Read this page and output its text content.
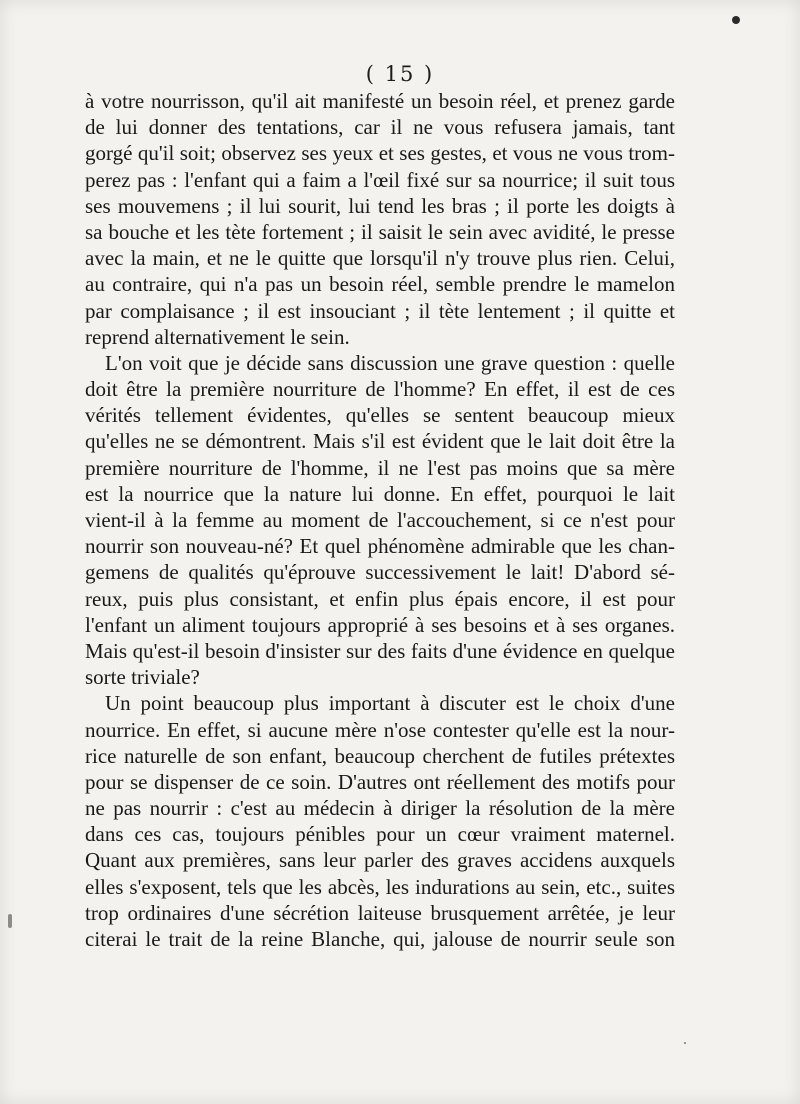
( 15 )
à votre nourrisson, qu'il ait manifesté un besoin réel, et prenez garde
de lui donner des tentations, car il ne vous refusera jamais, tant
gorgé qu'il soit; observez ses yeux et ses gestes, et vous ne vous trom-
perez pas : l'enfant qui a faim a l'œil fixé sur sa nourrice; il suit tous
ses mouvemens ; il lui sourit, lui tend les bras ; il porte les doigts à
sa bouche et les tète fortement ; il saisit le sein avec avidité, le presse
avec la main, et ne le quitte que lorsqu'il n'y trouve plus rien. Celui,
au contraire, qui n'a pas un besoin réel, semble prendre le mamelon
par complaisance ; il est insouciant ; il tète lentement ; il quitte et
reprend alternativement le sein.
L'on voit que je décide sans discussion une grave question : quelle
doit être la première nourriture de l'homme? En effet, il est de ces
vérités tellement évidentes, qu'elles se sentent beaucoup mieux
qu'elles ne se démontrent. Mais s'il est évident que le lait doit être la
première nourriture de l'homme, il ne l'est pas moins que sa mère
est la nourrice que la nature lui donne. En effet, pourquoi le lait
vient-il à la femme au moment de l'accouchement, si ce n'est pour
nourrir son nouveau-né? Et quel phénomène admirable que les chan-
gemens de qualités qu'éprouve successivement le lait! D'abord sé-
reux, puis plus consistant, et enfin plus épais encore, il est pour
l'enfant un aliment toujours approprié à ses besoins et à ses organes.
Mais qu'est-il besoin d'insister sur des faits d'une évidence en quelque
sorte triviale?
Un point beaucoup plus important à discuter est le choix d'une
nourrice. En effet, si aucune mère n'ose contester qu'elle est la nour-
rice naturelle de son enfant, beaucoup cherchent de futiles prétextes
pour se dispenser de ce soin. D'autres ont réellement des motifs pour
ne pas nourrir : c'est au médecin à diriger la résolution de la mère
dans ces cas, toujours pénibles pour un cœur vraiment maternel.
Quant aux premières, sans leur parler des graves accidens auxquels
elles s'exposent, tels que les abcès, les indurations au sein, etc., suites
trop ordinaires d'une sécrétion laiteuse brusquement arrêtée, je leur
citerai le trait de la reine Blanche, qui, jalouse de nourrir seule son
